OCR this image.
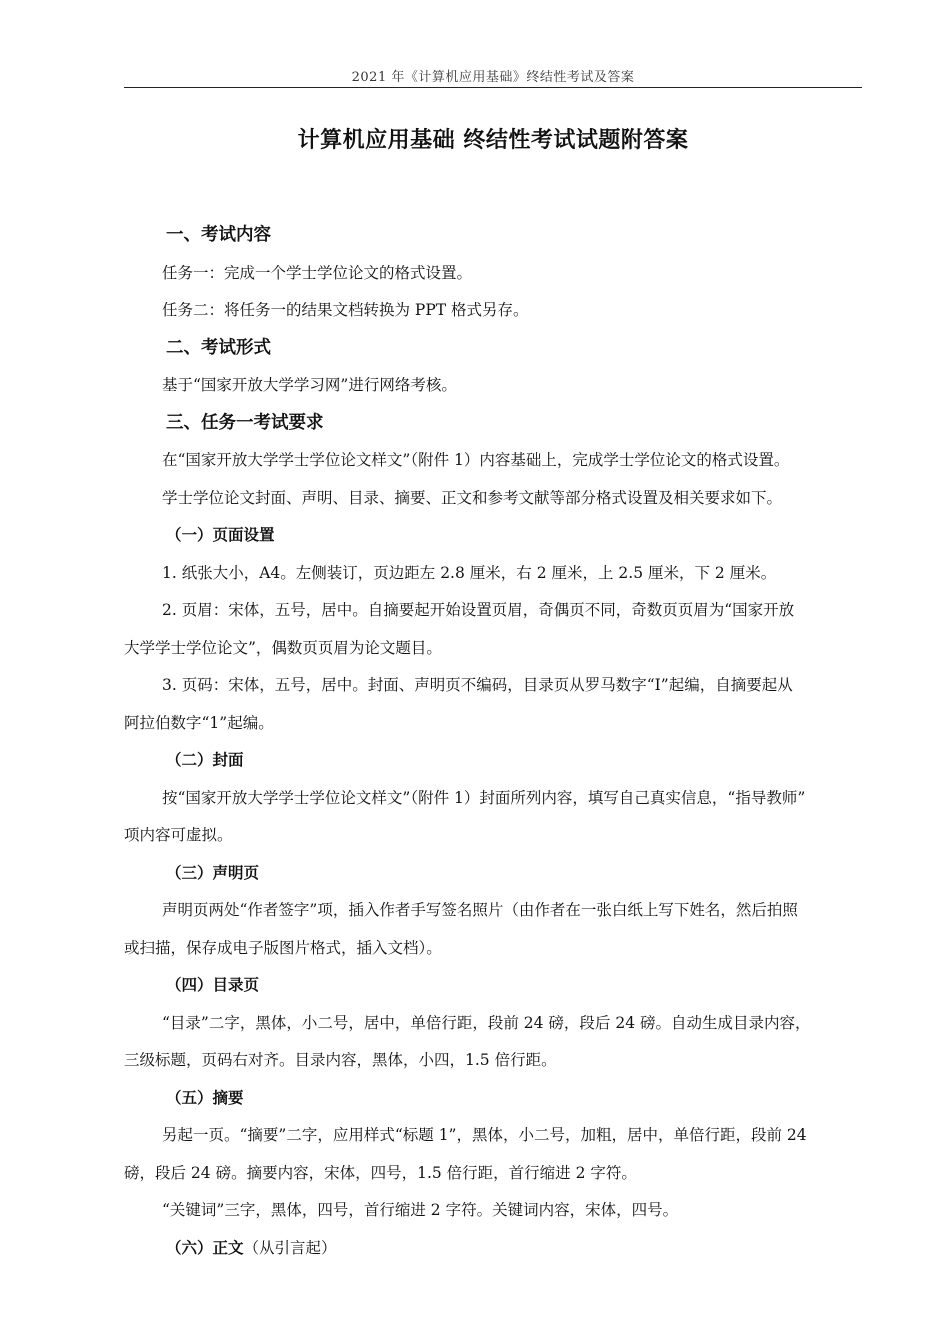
2021 年《计算机应用基础》终结性考试及答案
计算机应用基础 终结性考试试题附答案
一、考试内容
任务一：完成一个学士学位论文的格式设置。
任务二：将任务一的结果文档转换为 PPT 格式另存。
二、考试形式
基于“国家开放大学学习网”进行网络考核。
三、任务一考试要求
在“国家开放大学学士学位论文样文”（附件 1）内容基础上，完成学士学位论文的格式设置。
学士学位论文封面、声明、目录、摘要、正文和参考文献等部分格式设置及相关要求如下。
（一）页面设置
1. 纸张大小，A4。左侧装订，页边距左 2.8 厘米，右 2 厘米，上 2.5 厘米，下 2 厘米。
2. 页眉：宋体，五号，居中。自摘要起开始设置页眉，奇偶页不同，奇数页页眉为“国家开放
大学学士学位论文”，偶数页页眉为论文题目。
3. 页码：宋体，五号，居中。封面、声明页不编码，目录页从罗马数字“I”起编，自摘要起从
阿拉伯数字“1”起编。
（二）封面
按“国家开放大学学士学位论文样文”（附件 1）封面所列内容，填写自己真实信息，“指导教师”
项内容可虚拟。
（三）声明页
声明页两处“作者签字”项，插入作者手写签名照片（由作者在一张白纸上写下姓名，然后拍照
或扫描，保存成电子版图片格式，插入文档）。
（四）目录页
“目录”二字，黑体，小二号，居中，单倍行距，段前 24 磅，段后 24 磅。自动生成目录内容，
三级标题，页码右对齐。目录内容，黑体，小四，1.5 倍行距。
（五）摘要
另起一页。“摘要”二字，应用样式“标题 1”，黑体，小二号，加粗，居中，单倍行距，段前 24
磅，段后 24 磅。摘要内容，宋体，四号，1.5 倍行距，首行缩进 2 字符。
“关键词”三字，黑体，四号，首行缩进 2 字符。关键词内容，宋体，四号。
（六）正文（从引言起）
